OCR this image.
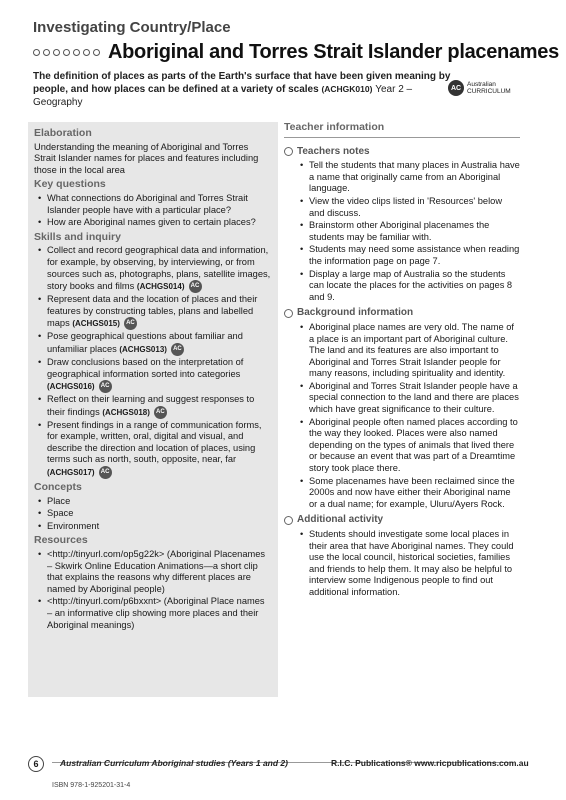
Investigating Country/Place
Aboriginal and Torres Strait Islander placenames
The definition of places as parts of the Earth's surface that have been given meaning by people, and how places can be defined at a variety of scales (ACHGK010) Year 2 – Geography
AC Australian
CURRICULUM
Elaboration
Understanding the meaning of Aboriginal and Torres Strait Islander names for places and features including those in the local area
Key questions
• What connections do Aboriginal and Torres Strait Islander people have with a particular place?
• How are Aboriginal names given to certain places?
Skills and inquiry
• Collect and record geographical data and information, for example, by observing, by interviewing, or from sources such as, photographs, plans, satellite images, story books and films (ACHGS014) AC
• Represent data and the location of places and their features by constructing tables, plans and labelled maps (ACHGS015) AC
• Pose geographical questions about familiar and unfamiliar places (ACHGS013) AC
• Draw conclusions based on the interpretation of geographical information sorted into categories (ACHGS016) AC
• Reflect on their learning and suggest responses to their findings (ACHGS018) AC
• Present findings in a range of communication forms, for example, written, oral, digital and visual, and describe the direction and location of places, using terms such as north, south, opposite, near, far (ACHGS017) AC
Concepts
• Place
• Space
• Environment
Resources
• <http://tinyurl.com/op5g22k> (Aboriginal Placenames – Skwirk Online Education Animations—a short clip that explains the reasons why different places are named by Aboriginal people)
• <http://tinyurl.com/p6bxxnt> (Aboriginal Place names – an informative clip showing more places and their Aboriginal meanings)
Teacher information
Teachers notes
• Tell the students that many places in Australia have a name that originally came from an Aboriginal language.
• View the video clips listed in 'Resources' below and discuss.
• Brainstorm other Aboriginal placenames the students may be familiar with.
• Students may need some assistance when reading the information page on page 7.
• Display a large map of Australia so the students can locate the places for the activities on pages 8 and 9.
Background information
• Aboriginal place names are very old. The name of a place is an important part of Aboriginal culture. The land and its features are also important to Aboriginal and Torres Strait Islander people for many reasons, including spirituality and identity.
• Aboriginal and Torres Strait Islander people have a special connection to the land and there are places which have great significance to their culture.
• Aboriginal people often named places according to the way they looked. Places were also named depending on the types of animals that lived there or because an event that was part of a Dreamtime story took place there.
• Some placenames have been reclaimed since the 2000s and now have either their Aboriginal name or a dual name; for example, Uluru/Ayers Rock.
Additional activity
• Students should investigate some local places in their area that have Aboriginal names. They could use the local council, historical societies, families and friends to help them. It may also be helpful to interview some Indigenous people to find out additional information.
6	Australian Curriculum Aboriginal studies (Years 1 and 2)	R.I.C. Publications® www.ricpublications.com.au
ISBN 978-1-925201-31-4
